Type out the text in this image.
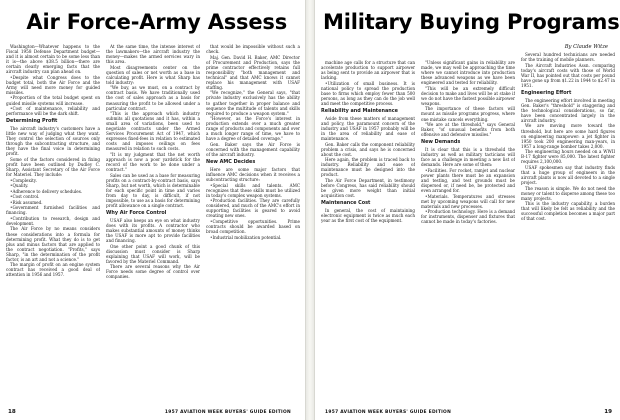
Air Force-Army Assess

Washington—Whatever happens to the Fiscal 1958 Defense Department budget—and it is almost certain to be some less than it is—the above $38.5 billion—there are certain clearly emerging facts that the aircraft industry can plan ahead on.

• Despite what Congress does to the budget total, both the Air Force and the Army will need more money for guided missiles.

• Proportion of the total budget spent on guided missile systems will increase.

• Cost of maintenance, reliability and performance will be the dark shift.

Determining Profit

The aircraft industry's customers have a little new way of judging what they want. They control the selection of sources only through the subcontracting structure, and they have the final voice in determining profit.

Some of the factors considered in fixing profit have been outlined by Dudley C. Sharp, Assistant Secretary of the Air Force for Materiel. They include:

• Complexity.

• Quality.

• Adherence to delivery schedules.

• Cost control.

• Risk assumed.

• Government furnished facilities and financing.

• Contribution to research, design and development.

The Air Force by no means considers these considerations into a formula for determining profit. What they do is to get plus and minus factors that are applied to the contract negotiation. "Profits," says Sharp, "in the determination of the profit factor, is an art and not a science."

The margin of profit on an engine system contract has received a good deal of attention in 1956 and 1957.

At the same time, the intense interest of the lawmakers—the aircraft industry the money—makes the armed services wary in this area.

Most disagreements center on the question of sales or net worth as a base in calculating profit. Here is what Sharp has told industry:

"We buy, as we must, on a contract by contract basis. We have traditionally used the cost of sales approach as a basis for measuring the profit to be allowed under a particular contract.

"This is the approach which industry submits all quotations and it has, within a small area of variations, been used to negotiate contracts under the Armed Services Procurement Act of 1947, which expresses fixed-fees in relation to estimated costs and imposes ceilings on fees measured in relation to such costs.

"It is my judgment that the net worth approach is now a poor yardstick for the record of the work to be done under a contract."

Sales can be used as a base for measuring profits on a contract-by-contract basis, says Sharp, but net worth, which is determinable for each specific point in time and varies from day to day, is difficult, if not impossible, to use as a basis for determining profit allowance on a single contract.

Why Air Force Control

USAF also keeps an eye on what industry does with its profits. A contractor who makes substantial amounts of money thinks the USAF is more apt to provide facilities and financing.

One other point a good chunk of this discussion must consider is Sharp explaining that USAF will work, will be favored by the Materiel Command.

There are several reasons why the Air Force needs some degree of control over companies.

that would be impossible without such a check.

Maj. Gen. David H. Baker, AMC Director of Procurement and Production, says the prime contractor effectively retains full responsibility "both management and technical" and that AMC knows it cannot replace his management with USAF staffing.

"We recognize," the General says, "that private industry exclusively has the ability to gather together in proper balance and sequence the multitude of talents and skills required to produce a weapon system."

"However, as the Force's interest in production extends over a much greater range of products and components and over a much longer range of time, we have to have a degree of detailed coverage."

Gen. Baker says the Air Force is concerned with the management capability of the aircraft industry.

New AMC Decides

Here are some major factors that influence AMC decisions when it receives a subcontracting structure:

• Special skills and talents. AMC recognizes that these skills must be utilized in today's complex weapon systems.

• Production facilities. They are carefully considered, and much of the AMC's effort in supporting facilities is geared to avoid creating new ones.

• Competitive opportunities. Prime contracts should be awarded based on broad competition.

• Industrial mobilization potential.

18	1957 AVIATION WEEK BUYERS' GUIDE EDITION
Military Buying Programs
By Claude Witze

machine age calls for a structure that can accelerate production to support airpower as being sent to provide an airpower that is lacking.

• Utilization of small business. It is national policy to spread the production base to firms which employ fewer than 500 persons, as long as they can do the job well and meet the competitive process.

Reliability and Maintenance

Aside from these matters of management and policy, the paramount concern of the industry and USAF in 1957 probably will be in the area of reliability and ease of maintenance.

Gen. Baker calls the component reliability problem a crisis, and says he is concerned about the cost.

Here again, the problem is traced back to industry. Reliability and ease of maintenance must be designed into the product.

The Air Force Department, in testimony before Congress, has said reliability should be given more weight than initial acquisition cost.

Maintenance Cost

In general, the cost of maintaining electronic equipment is twice as much each year as the first cost of the equipment.

"Unless significant gains in reliability are made, we may well be approaching the time where we cannot introduce into production these advanced weapons as we have been engineered and tested for reliability.

"This will be an extremely difficult decision to make and lives will be at stake if we do not have the fastest possible airpower weapons.

The importance of these factors will mount as missile programs progress, where one mistake cancels everything.

"We are at the threshold," says General Baker, "of unusual benefits from both offensive and defensive missiles."

New Demands

It is clear that this is a threshold the industry as well as military tacticians will face as a challenge in meeting a new list of demands. Here are some of them:

• Facilities. For rocket, ramjet and nuclear power plants there must be an expansion and testing, and test grounds must be dispersed or, if need be, be protected and even arranged for.

• Materials. Temperatures and stresses met by upcoming weapons will call for new materials and new processes.

• Production technology. Here is a demand for instruments, dispenser and fixtures that cannot be made in today's factories.

Several hundred technicians are needed for the training of mobile planners.

The Aircraft Industries Assn. comparing today's aircraft costs with those of World War II, has pointed out that costs per pound have gone up from $1.22 in 1944 to $2.47 in 1951.

Engineering Effort

The engineering effort involved in meeting Gen. Baker's "threshold" is staggering and the technological considerations, so far, have been concentrated largely in the aircraft industry.

We are moving more toward the threshold, but here are some hard figures on engineering manpower: a jet fighter in 1950 took 200 engineering man-years, in 1957 a long-range bomber takes 2,000.

The engineering hours needed on a WWII B-17 fighter were 85,000. The latest fighter requires 2,100,000.

USAF spokesmen say that industry finds that a huge group of engineers in the aircraft plants is now all devoted to a single project.

The reason is simple. We do not need the money or talent to disperse among these too many projects.

This is the industry capability, a burden that will likely be felt as reliability and the successful completion becomes a major part of that cost.

19
1957 AVIATION WEEK BUYERS' GUIDE EDITION
